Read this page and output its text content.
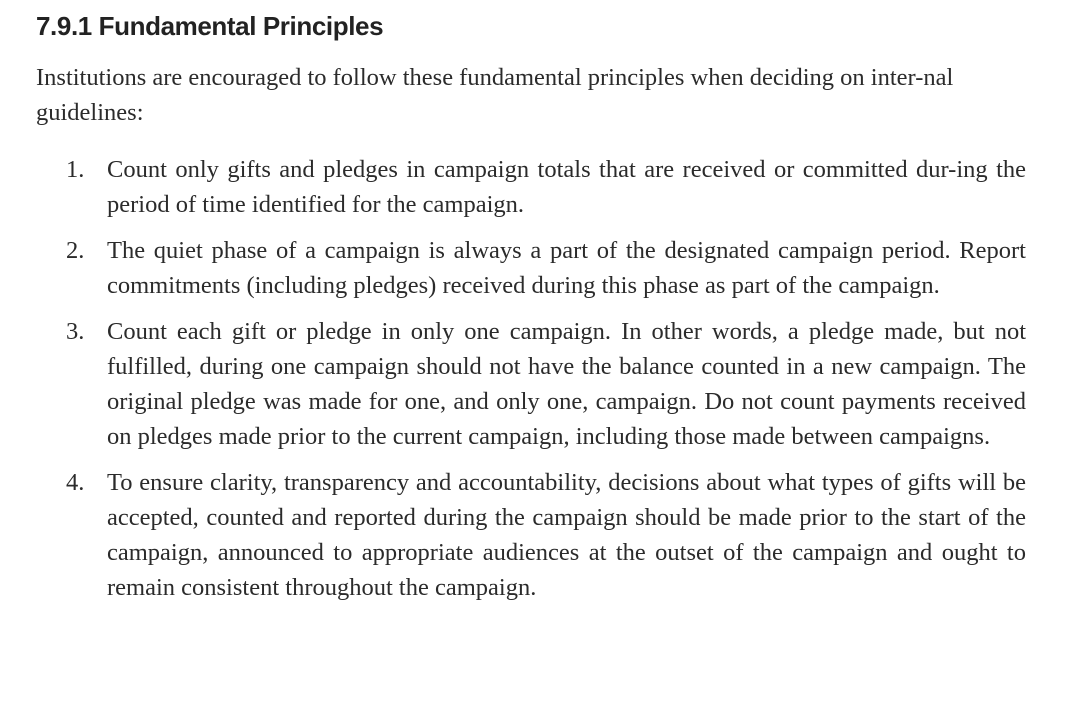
7.9.1 Fundamental Principles

Institutions are encouraged to follow these fundamental principles when deciding on inter-nal guidelines:

1. Count only gifts and pledges in campaign totals that are received or committed dur-ing the period of time identified for the campaign.
2. The quiet phase of a campaign is always a part of the designated campaign period. Report commitments (including pledges) received during this phase as part of the campaign.
3. Count each gift or pledge in only one campaign. In other words, a pledge made, but not fulfilled, during one campaign should not have the balance counted in a new campaign. The original pledge was made for one, and only one, campaign. Do not count payments received on pledges made prior to the current campaign, including those made between campaigns.
4. To ensure clarity, transparency and accountability, decisions about what types of gifts will be accepted, counted and reported during the campaign should be made prior to the start of the campaign, announced to appropriate audiences at the outset of the campaign and ought to remain consistent throughout the campaign.
